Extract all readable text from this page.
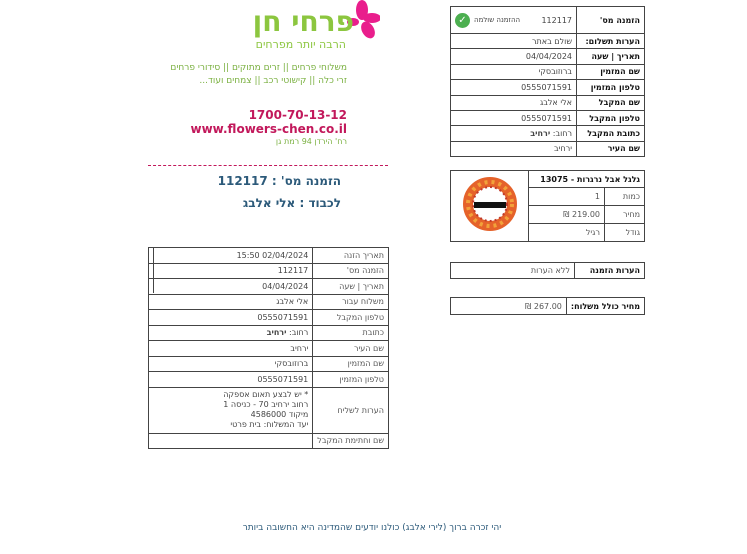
פרחי חן
הרבה יותר מפרחים
משלוחי פרחים || זרים מתוקים || סידורי פרחים
זרי כלה || קישוטי רכב || צמחים ועוד...
1700-70-13-12
www.flowers-chen.co.il
רח' הירדן 94 רמת גן
הזמנה מס' : 112117
לכבוד : אלי אלבג
✓ ההזמנה שולמה 112117	הזמנה מס'
שולם באתר	הערות תשלום:
04/04/2024	תאריך | שעה
ברוזובסקי	שם המזמין
0555071591	טלפון המזמין
אלי אלבג	שם המקבל
0555071591	טלפון המקבל
רחוב: ירחיב	כתובת המקבל
ירחיב	שם העיר
	גלגל אבל נרגרות - 13075	
	1	כמות
	219.00 ₪	מחיר
	רגיל	גודל
ללא הערות	הערות הזמנה
267.00 ₪	מחיר כולל משלוח:
02/04/2024 15:50	תאריך הזנה
112117	הזמנה מס'
04/04/2024	תאריך | שעה
אלי אלבג	משלוח עבור
0555071591	טלפון המקבל
רחוב: ירחיב	כתובת
ירחיב	שם העיר
ברוזובסקי	שם המזמין
0555071591	טלפון המזמין

* יש לבצע תאום אספקה
רחוב ירחיב 70 - כניסה 1
מיקוד 4586000
יעד המשלוח: בית פרטי	הערות לשליח
	שם וחתימת המקבל
יהי זכרה ברוך (לירי אלבג) כולנו יודעים שהמדינה היא החשובה ביותר
